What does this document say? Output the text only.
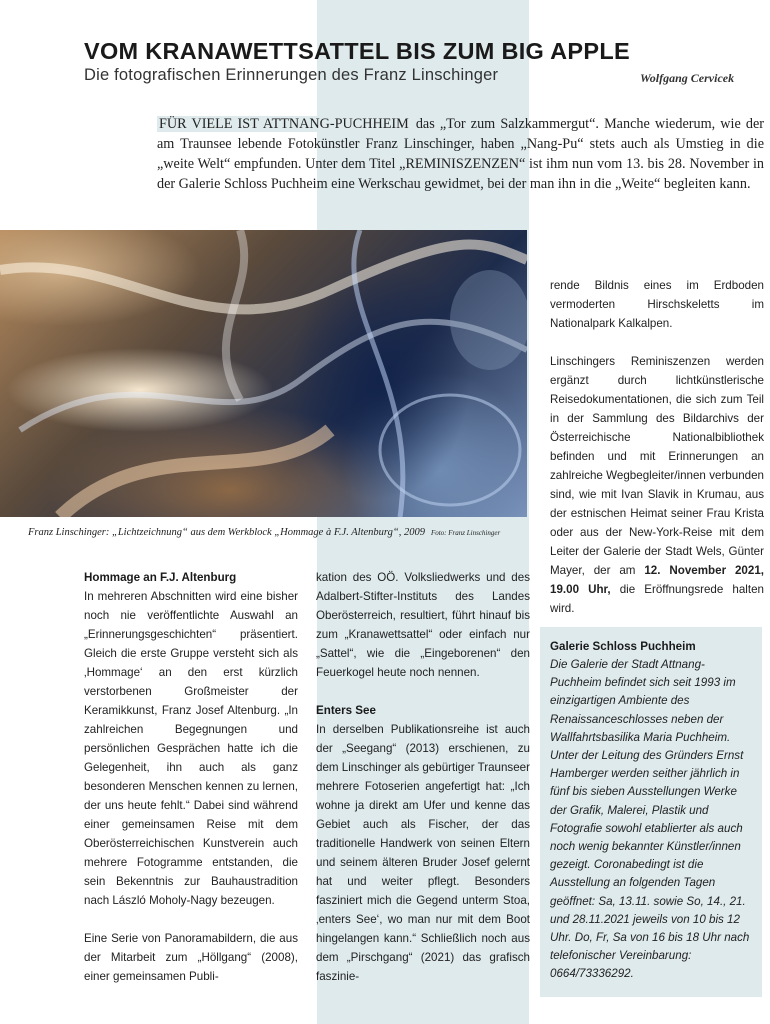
VOM KRANAWETTSATTEL BIS ZUM BIG APPLE
Die fotografischen Erinnerungen des Franz Linschinger	Wolfgang Cervicek
FÜR VIELE IST ATTNANG-PUCHHEIM das „Tor zum Salzkammergut“. Manche wiederum, wie der am Traunsee lebende Fotokünstler Franz Linschinger, haben „Nang-Pu“ stets auch als Umstieg in die „weite Welt“ empfunden. Unter dem Titel „REMINISZENZEN“ ist ihm nun vom 13. bis 28. November in der Galerie Schloss Puchheim eine Werkschau gewidmet, bei der man ihn in die „Weite“ begleiten kann.
Franz Linschinger: „Lichtzeichnung“ aus dem Werkblock „Hommage à F.J. Altenburg“, 2009 Foto: Franz Linschinger
Hommage an F.J. Altenburg

In mehreren Abschnitten wird eine bisher noch nie veröffentlichte Auswahl an „Erinnerungsgeschichten“ präsentiert. Gleich die erste Gruppe versteht sich als ‚Hommage‘ an den erst kürzlich verstorbenen Großmeister der Keramikkunst, Franz Josef Altenburg. „In zahlreichen Begegnungen und persönlichen Gesprächen hatte ich die Gelegenheit, ihn auch als ganz besonderen Menschen kennen zu lernen, der uns heute fehlt.“ Dabei sind während einer gemeinsamen Reise mit dem Oberösterreichischen Kunstverein auch mehrere Fotogramme entstanden, die sein Bekenntnis zur Bauhaustradition nach László Moholy-Nagy bezeugen.

Eine Serie von Panoramabildern, die aus der Mitarbeit zum „Höllgang“ (2008), einer gemeinsamen Publi-

kation des OÖ. Volksliedwerks und des Adalbert-Stifter-Instituts des Landes Oberösterreich, resultiert, führt hinauf bis zum „Kranawettsattel“ oder einfach nur „Sattel“, wie die „Eingeborenen“ den Feuerkogel heute noch nennen.

Enters See

In derselben Publikationsreihe ist auch der „Seegang“ (2013) erschienen, zu dem Linschinger als gebürtiger Traunseer mehrere Fotoserien angefertigt hat: „Ich wohne ja direkt am Ufer und kenne das Gebiet auch als Fischer, der das traditionelle Handwerk von seinen Eltern und seinem älteren Bruder Josef gelernt hat und weiter pflegt. Besonders fasziniert mich die Gegend unterm Stoa, ‚enters See‘, wo man nur mit dem Boot hingelangen kann.“ Schließlich noch aus dem „Pirschgang“ (2021) das grafisch faszinie-

rende Bildnis eines im Erdboden vermoderten Hirschskeletts im Nationalpark Kalkalpen.

Linschingers Reminiszenzen werden ergänzt durch lichtkünstlerische Reisedokumentationen, die sich zum Teil in der Sammlung des Bildarchivs der Österreichische Nationalbibliothek befinden und mit Erinnerungen an zahlreiche Wegbegleiter/innen verbunden sind, wie mit Ivan Slavik in Krumau, aus der estnischen Heimat seiner Frau Krista oder aus der New-York-Reise mit dem Leiter der Galerie der Stadt Wels, Günter Mayer, der am 12. November 2021, 19.00 Uhr, die Eröffnungsrede halten wird.

Galerie Schloss Puchheim

Die Galerie der Stadt Attnang-Puchheim befindet sich seit 1993 im einzigartigen Ambiente des Renaissanceschlosses neben der Wallfahrtsbasilika Maria Puchheim. Unter der Leitung des Gründers Ernst Hamberger werden seither jährlich in fünf bis sieben Ausstellungen Werke der Grafik, Malerei, Plastik und Fotografie sowohl etablierter als auch noch wenig bekannter Künstler/innen gezeigt. Coronabedingt ist die Ausstellung an folgenden Tagen geöffnet: Sa, 13.11. sowie So, 14., 21. und 28.11.2021 jeweils von 10 bis 12 Uhr. Do, Fr, Sa von 16 bis 18 Uhr nach telefonischer Vereinbarung: 0664/73336292.
